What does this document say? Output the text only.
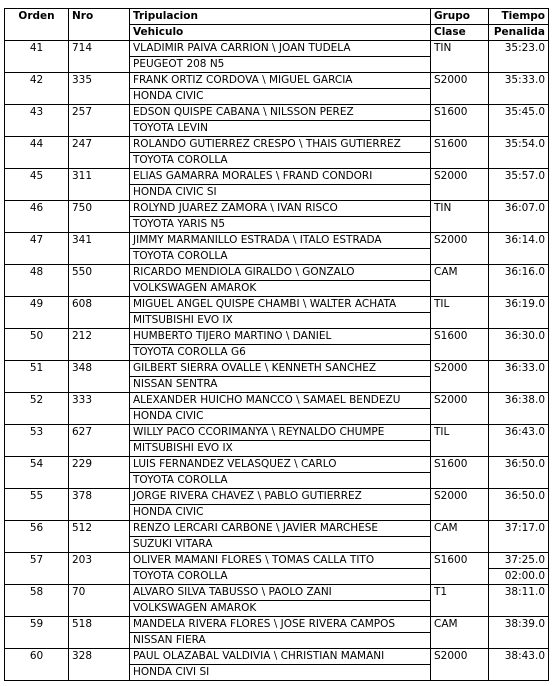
Orden	Nro	Tripulacion	Grupo	Tiempo
		Vehiculo	Clase	Penalida
41	714	VLADIMIR PAIVA CARRION \ JOAN TUDELA	TIN	35:23.0
		PEUGEOT 208 N5		
42	335	FRANK ORTIZ CORDOVA \ MIGUEL GARCIA	S2000	35:33.0
		HONDA CIVIC		
43	257	EDSON QUISPE CABANA \ NILSSON PEREZ	S1600	35:45.0
		TOYOTA LEVIN		
44	247	ROLANDO GUTIERREZ CRESPO \ THAIS GUTIERREZ	S1600	35:54.0
		TOYOTA COROLLA		
45	311	ELIAS GAMARRA MORALES \ FRAND CONDORI	S2000	35:57.0
		HONDA CIVIC SI		
46	750	ROLYND JUAREZ ZAMORA \ IVAN RISCO	TIN	36:07.0
		TOYOTA YARIS N5		
47	341	JIMMY MARMANILLO ESTRADA \ ITALO ESTRADA	S2000	36:14.0
		TOYOTA COROLLA		
48	550	RICARDO MENDIOLA GIRALDO \ GONZALO	CAM	36:16.0
		VOLKSWAGEN AMAROK		
49	608	MIGUEL ANGEL QUISPE CHAMBI \ WALTER ACHATA	TIL	36:19.0
		MITSUBISHI EVO IX		
50	212	HUMBERTO TIJERO MARTINO \ DANIEL	S1600	36:30.0
		TOYOTA COROLLA G6		
51	348	GILBERT SIERRA OVALLE \ KENNETH SANCHEZ	S2000	36:33.0
		NISSAN SENTRA		
52	333	ALEXANDER HUICHO MANCCO \ SAMAEL BENDEZU	S2000	36:38.0
		HONDA CIVIC		
53	627	WILLY PACO CCORIMANYA \ REYNALDO CHUMPE	TIL	36:43.0
		MITSUBISHI EVO IX		
54	229	LUIS FERNANDEZ VELASQUEZ \ CARLO	S1600	36:50.0
		TOYOTA COROLLA		
55	378	JORGE RIVERA CHAVEZ \ PABLO GUTIERREZ	S2000	36:50.0
		HONDA CIVIC		
56	512	RENZO LERCARI CARBONE \ JAVIER MARCHESE	CAM	37:17.0
		SUZUKI VITARA		
57	203	OLIVER MAMANI FLORES \ TOMAS CALLA TITO	S1600	37:25.0
		TOYOTA COROLLA		02:00.0
58	70	ALVARO SILVA TABUSSO \ PAOLO ZANI	T1	38:11.0
		VOLKSWAGEN AMAROK		
59	518	MANDELA RIVERA FLORES \ JOSE RIVERA CAMPOS	CAM	38:39.0
		NISSAN FIERA		
60	328	PAUL OLAZABAL VALDIVIA \ CHRISTIAN MAMANI	S2000	38:43.0
		HONDA CIVI SI		
